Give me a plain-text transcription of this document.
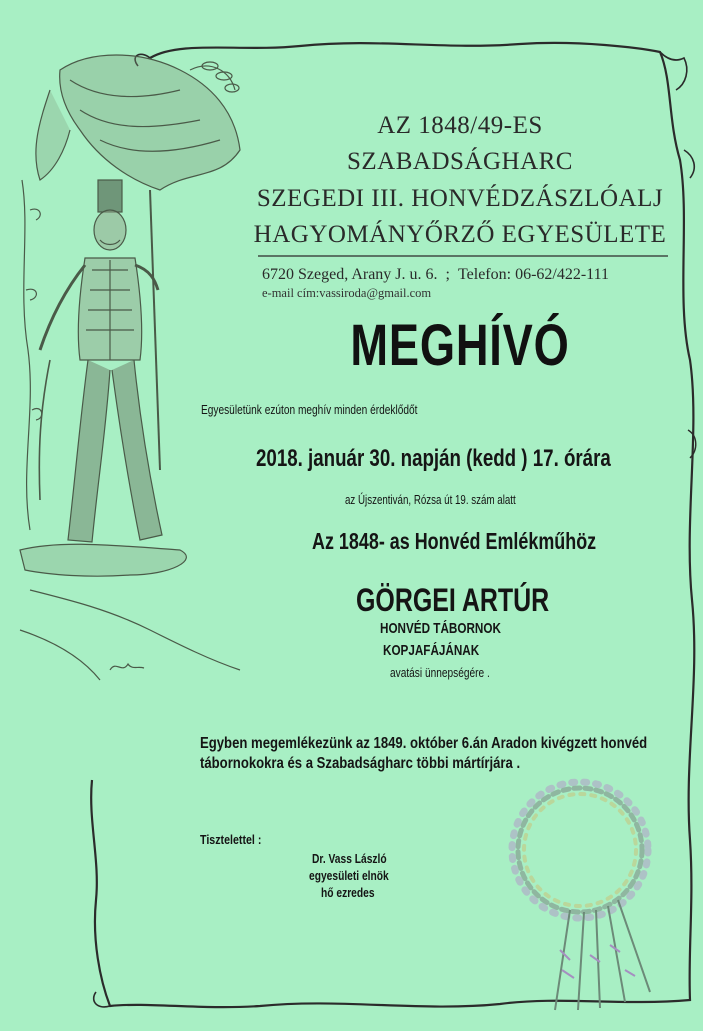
AZ 1848/49-ES
SZABADSÁGHARC
SZEGEDI III. HONVÉDZÁSZLÓALJ
HAGYOMÁNYŐRZŐ EGYESÜLETE
6720 Szeged, Arany J. u. 6. ; Telefon: 06-62/422-111
e-mail cím:vassiroda@gmail.com
MEGHÍVÓ
Egyesületünk ezúton meghív minden érdeklődőt
2018. január 30. napján (kedd ) 17. órára
az Újszentiván, Rózsa út 19. szám alatt
Az 1848- as Honvéd Emlékműhöz
GÖRGEI ARTÚR
HONVÉD TÁBORNOK
KOPJAFÁJÁNAK
avatási ünnepségére .
Egyben megemlékezünk az 1849. október 6.án Aradon kivégzett honvéd
tábornokokra és a Szabadságharc többi mártírjára .
Tisztelettel :
Dr. Vass László
egyesületi elnök
hő ezredes
